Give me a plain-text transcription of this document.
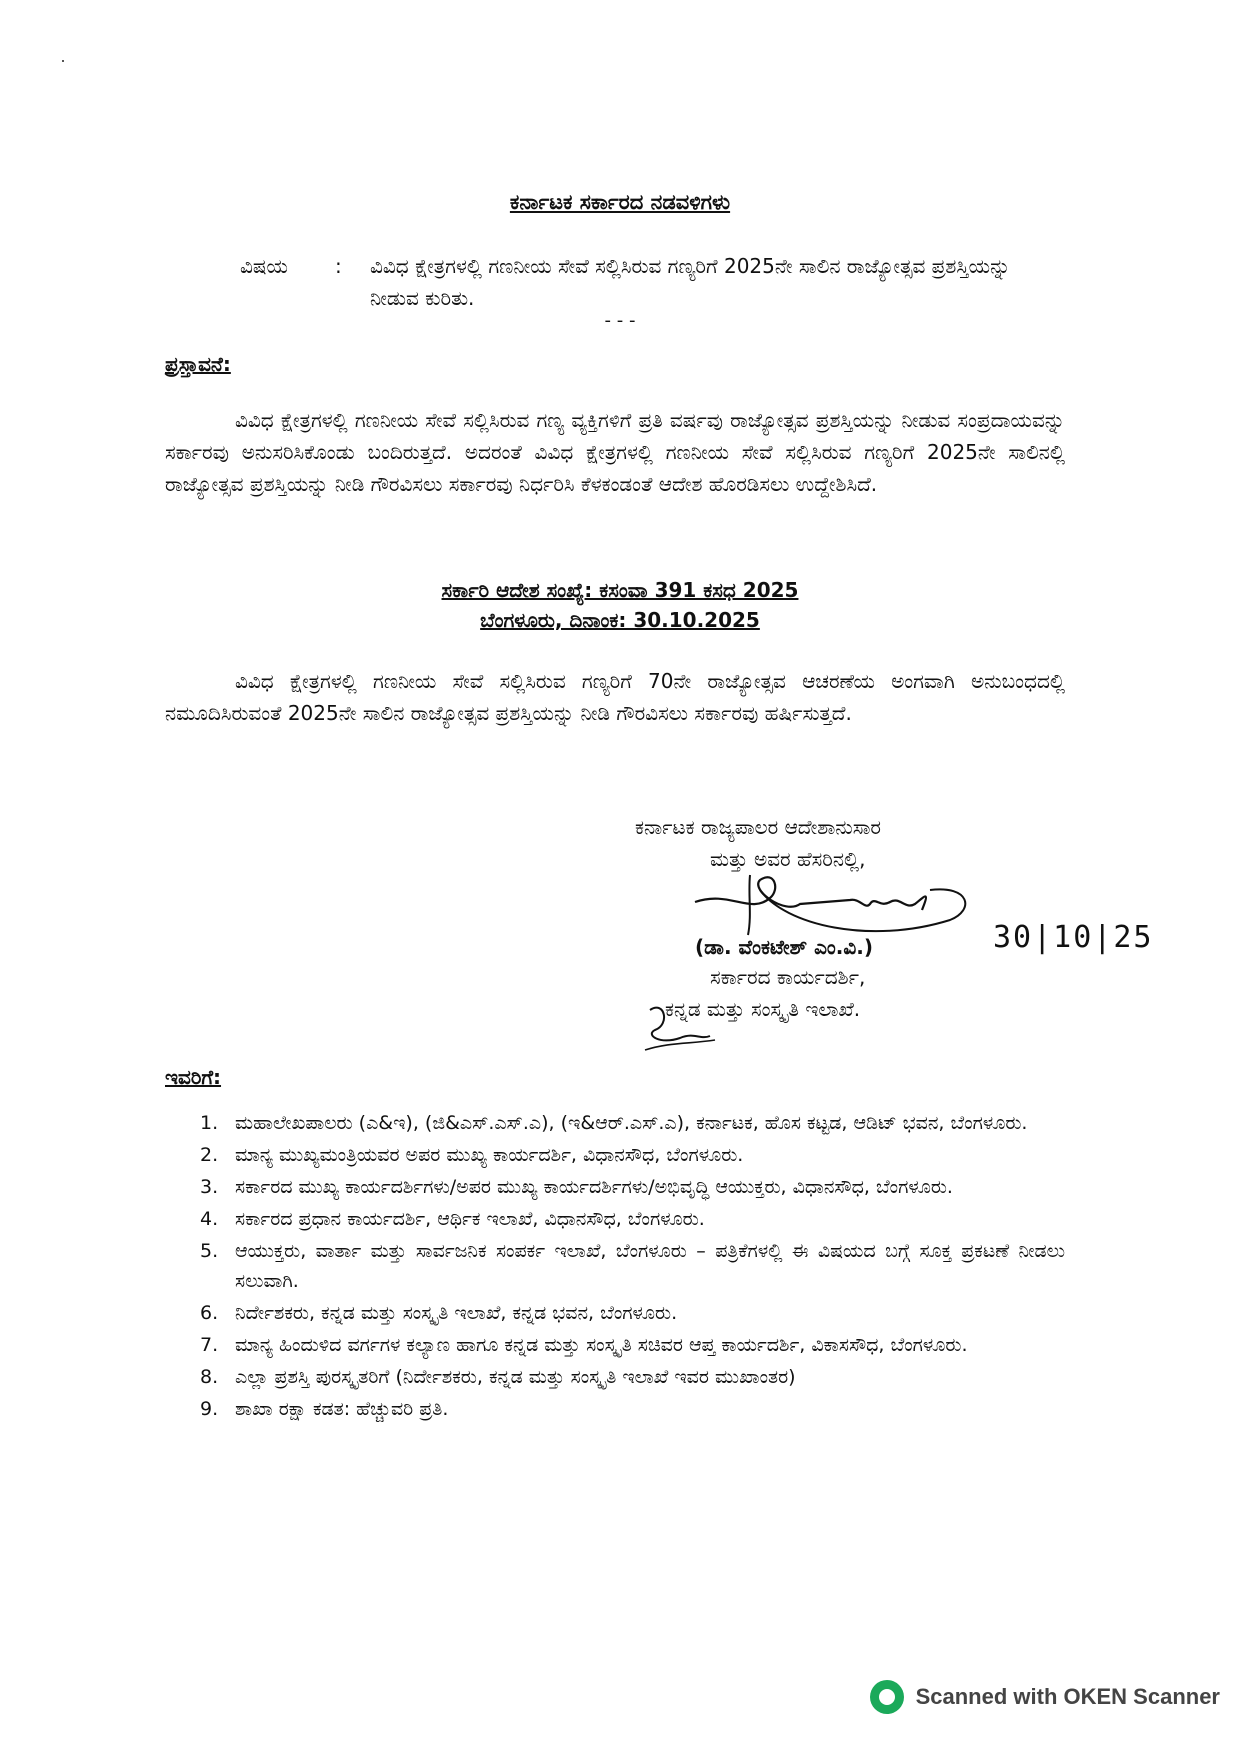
ಕರ್ನಾಟಕ ಸರ್ಕಾರದ ನಡವಳಿಗಳು
ವಿಷಯ : ವಿವಿಧ ಕ್ಷೇತ್ರಗಳಲ್ಲಿ ಗಣನೀಯ ಸೇವೆ ಸಲ್ಲಿಸಿರುವ ಗಣ್ಯರಿಗೆ 2025ನೇ ಸಾಲಿನ ರಾಜ್ಯೋತ್ಸವ ಪ್ರಶಸ್ತಿಯನ್ನು ನೀಡುವ ಕುರಿತು.
- - -
ಪ್ರಸ್ತಾವನೆ:
ವಿವಿಧ ಕ್ಷೇತ್ರಗಳಲ್ಲಿ ಗಣನೀಯ ಸೇವೆ ಸಲ್ಲಿಸಿರುವ ಗಣ್ಯ ವ್ಯಕ್ತಿಗಳಿಗೆ ಪ್ರತಿ ವರ್ಷವು ರಾಜ್ಯೋತ್ಸವ ಪ್ರಶಸ್ತಿಯನ್ನು ನೀಡುವ ಸಂಪ್ರದಾಯವನ್ನು ಸರ್ಕಾರವು ಅನುಸರಿಸಿಕೊಂಡು ಬಂದಿರುತ್ತದೆ. ಅದರಂತೆ ವಿವಿಧ ಕ್ಷೇತ್ರಗಳಲ್ಲಿ ಗಣನೀಯ ಸೇವೆ ಸಲ್ಲಿಸಿರುವ ಗಣ್ಯರಿಗೆ 2025ನೇ ಸಾಲಿನಲ್ಲಿ ರಾಜ್ಯೋತ್ಸವ ಪ್ರಶಸ್ತಿಯನ್ನು ನೀಡಿ ಗೌರವಿಸಲು ಸರ್ಕಾರವು ನಿರ್ಧರಿಸಿ ಕೆಳಕಂಡಂತೆ ಆದೇಶ ಹೊರಡಿಸಲು ಉದ್ದೇಶಿಸಿದೆ.
ಸರ್ಕಾರಿ ಆದೇಶ ಸಂಖ್ಯೆ: ಕಸಂವಾ 391 ಕಸಧ 2025
ಬೆಂಗಳೂರು, ದಿನಾಂಕ: 30.10.2025
ವಿವಿಧ ಕ್ಷೇತ್ರಗಳಲ್ಲಿ ಗಣನೀಯ ಸೇವೆ ಸಲ್ಲಿಸಿರುವ ಗಣ್ಯರಿಗೆ 70ನೇ ರಾಜ್ಯೋತ್ಸವ ಆಚರಣೆಯ ಅಂಗವಾಗಿ ಅನುಬಂಧದಲ್ಲಿ ನಮೂದಿಸಿರುವಂತೆ 2025ನೇ ಸಾಲಿನ ರಾಜ್ಯೋತ್ಸವ ಪ್ರಶಸ್ತಿಯನ್ನು ನೀಡಿ ಗೌರವಿಸಲು ಸರ್ಕಾರವು ಹರ್ಷಿಸುತ್ತದೆ.
ಕರ್ನಾಟಕ ರಾಜ್ಯಪಾಲರ ಆದೇಶಾನುಸಾರ
ಮತ್ತು ಅವರ ಹೆಸರಿನಲ್ಲಿ,
(ಡಾ. ವೆಂಕಟೇಶ್ ಎಂ.ವಿ.)
ಸರ್ಕಾರದ ಕಾರ್ಯದರ್ಶಿ,
ಕನ್ನಡ ಮತ್ತು ಸಂಸ್ಕೃತಿ ಇಲಾಖೆ.
30|10|25
ಇವರಿಗೆ:
1. ಮಹಾಲೇಖಪಾಲರು (ಎ&ಇ), (ಜಿ&ಎಸ್.ಎಸ್.ಎ), (ಇ&ಆರ್.ಎಸ್.ಎ), ಕರ್ನಾಟಕ, ಹೊಸ ಕಟ್ಟಡ, ಆಡಿಟ್ ಭವನ, ಬೆಂಗಳೂರು.
2. ಮಾನ್ಯ ಮುಖ್ಯಮಂತ್ರಿಯವರ ಅಪರ ಮುಖ್ಯ ಕಾರ್ಯದರ್ಶಿ, ವಿಧಾನಸೌಧ, ಬೆಂಗಳೂರು.
3. ಸರ್ಕಾರದ ಮುಖ್ಯ ಕಾರ್ಯದರ್ಶಿಗಳು/ಅಪರ ಮುಖ್ಯ ಕಾರ್ಯದರ್ಶಿಗಳು/ಅಭಿವೃದ್ಧಿ ಆಯುಕ್ತರು, ವಿಧಾನಸೌಧ, ಬೆಂಗಳೂರು.
4. ಸರ್ಕಾರದ ಪ್ರಧಾನ ಕಾರ್ಯದರ್ಶಿ, ಆರ್ಥಿಕ ಇಲಾಖೆ, ವಿಧಾನಸೌಧ, ಬೆಂಗಳೂರು.
5. ಆಯುಕ್ತರು, ವಾರ್ತಾ ಮತ್ತು ಸಾರ್ವಜನಿಕ ಸಂಪರ್ಕ ಇಲಾಖೆ, ಬೆಂಗಳೂರು – ಪತ್ರಿಕೆಗಳಲ್ಲಿ ಈ ವಿಷಯದ ಬಗ್ಗೆ ಸೂಕ್ತ ಪ್ರಕಟಣೆ ನೀಡಲು ಸಲುವಾಗಿ.
6. ನಿರ್ದೇಶಕರು, ಕನ್ನಡ ಮತ್ತು ಸಂಸ್ಕೃತಿ ಇಲಾಖೆ, ಕನ್ನಡ ಭವನ, ಬೆಂಗಳೂರು.
7. ಮಾನ್ಯ ಹಿಂದುಳಿದ ವರ್ಗಗಳ ಕಲ್ಯಾಣ ಹಾಗೂ ಕನ್ನಡ ಮತ್ತು ಸಂಸ್ಕೃತಿ ಸಚಿವರ ಆಪ್ತ ಕಾರ್ಯದರ್ಶಿ, ವಿಕಾಸಸೌಧ, ಬೆಂಗಳೂರು.
8. ಎಲ್ಲಾ ಪ್ರಶಸ್ತಿ ಪುರಸ್ಕೃತರಿಗೆ (ನಿರ್ದೇಶಕರು, ಕನ್ನಡ ಮತ್ತು ಸಂಸ್ಕೃತಿ ಇಲಾಖೆ ಇವರ ಮುಖಾಂತರ)
9. ಶಾಖಾ ರಕ್ಷಾ ಕಡತ: ಹೆಚ್ಚುವರಿ ಪ್ರತಿ.
Scanned with OKEN Scanner
